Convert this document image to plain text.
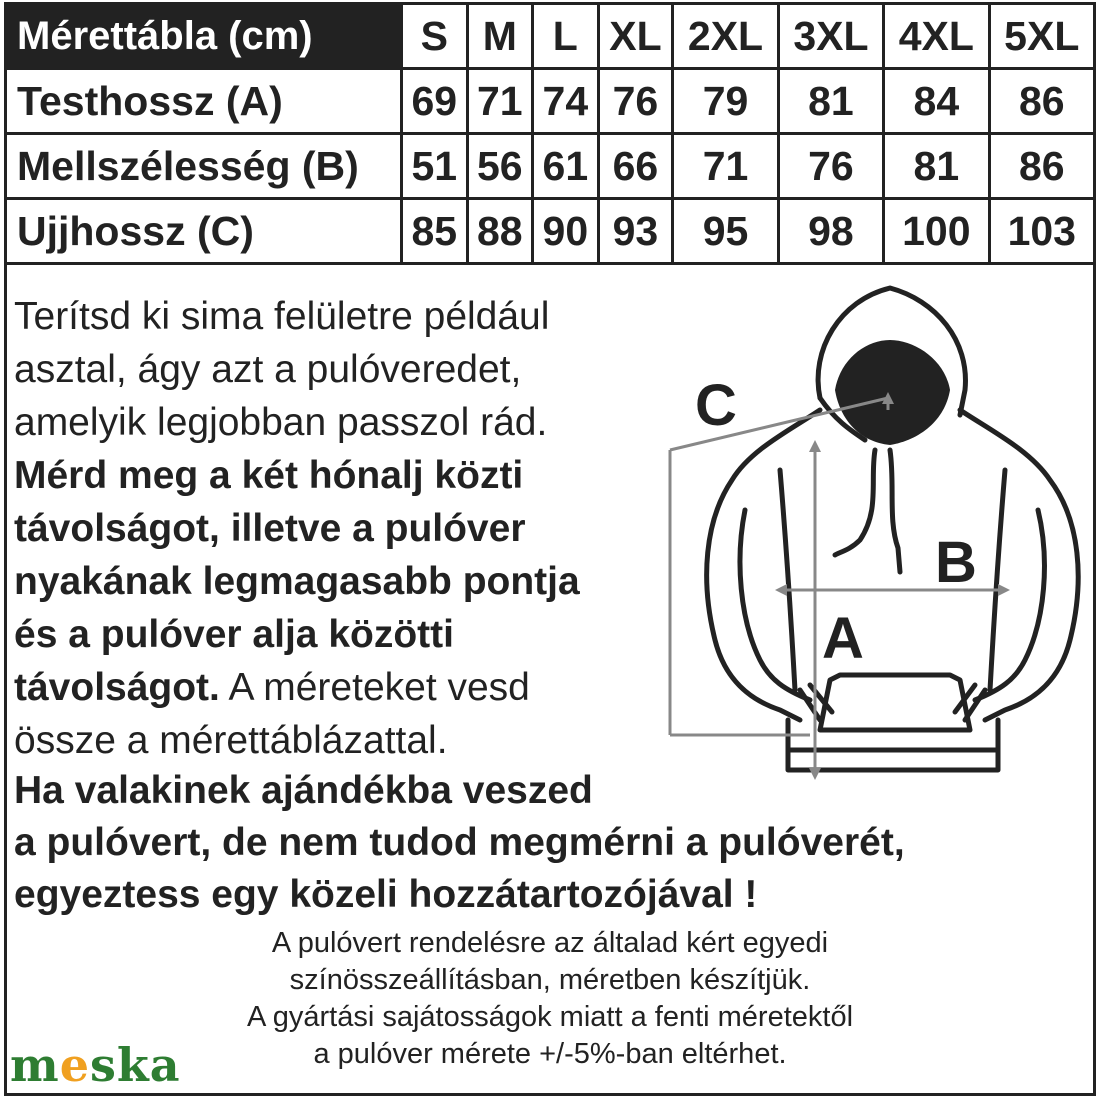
Mérettábla (cm)	S	M	L	XL	2XL	3XL	4XL	5XL
Testhossz (A)	69	71	74	76	79	81	84	86
Mellszélesség (B)	51	56	61	66	71	76	81	86
Ujjhossz (C)	85	88	90	93	95	98	100	103
Terítsd ki sima felületre például
asztal, ágy azt a pulóveredet,
amelyik legjobban passzol rád.
Mérd meg a két hónalj közti
távolságot, illetve a pulóver
nyakának legmagasabb pontja
és a pulóver alja közötti
távolságot. A méreteket vesd
össze a mérettáblázattal.
Ha valakinek ajándékba veszed
a pulóvert, de nem tudod megmérni a pulóverét,
egyeztess egy közeli hozzátartozójával !
A pulóvert rendelésre az általad kért egyedi
színösszeállításban, méretben készítjük.
A gyártási sajátosságok miatt a fenti méretektől
a pulóver mérete +/-5%-ban eltérhet.
meska
C
B
A
